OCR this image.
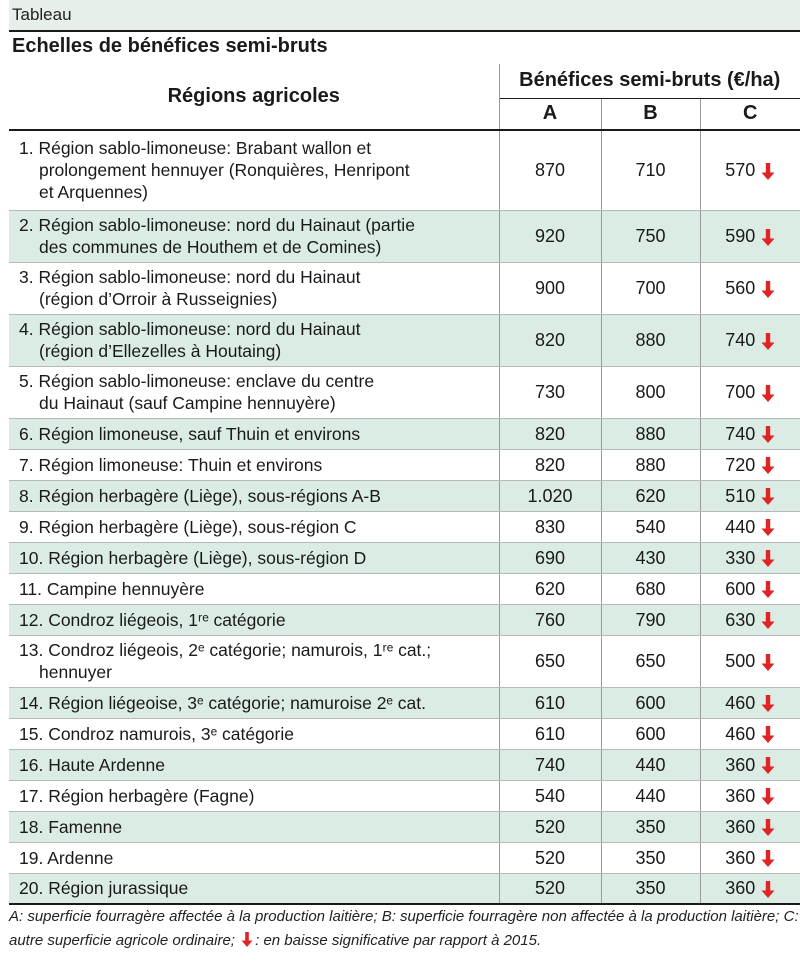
Tableau
Echelles de bénéfices semi-bruts
Régions agricoles	Bénéfices semi-bruts (€/ha)		
	A	B	C

1. Région sablo-limoneuse: Brabant wallon et
prolongement hennuyer (Ronquières, Henripont
et Arquennes)	870	710	570

2. Région sablo-limoneuse: nord du Hainaut (partie
des communes de Houthem et de Comines)	920	750	590

3. Région sablo-limoneuse: nord du Hainaut
(région d’Orroir à Russeignies)	900	700	560

4. Région sablo-limoneuse: nord du Hainaut
(région d’Ellezelles à Houtaing)	820	880	740

5. Région sablo-limoneuse: enclave du centre
du Hainaut (sauf Campine hennuyère)	730	800	700

6. Région limoneuse, sauf Thuin et environs	820	880	740

7. Région limoneuse: Thuin et environs	820	880	720

8. Région herbagère (Liège), sous-régions A-B	1.020	620	510

9. Région herbagère (Liège), sous-région C	830	540	440

10. Région herbagère (Liège), sous-région D	690	430	330

11. Campine hennuyère	620	680	600

12. Condroz liégeois, 1ʳᵉ catégorie	760	790	630

13. Condroz liégeois, 2ᵉ catégorie; namurois, 1ʳᵉ cat.;
hennuyer	650	650	500

14. Région liégeoise, 3ᵉ catégorie; namuroise 2ᵉ cat.	610	600	460

15. Condroz namurois, 3ᵉ catégorie	610	600	460

16. Haute Ardenne	740	440	360

17. Région herbagère (Fagne)	540	440	360

18. Famenne	520	350	360

19. Ardenne	520	350	360

20. Région jurassique	520	350	360
A: superficie fourragère affectée à la production laitière; B: superficie fourragère non affectée à la production laitière; C: autre superficie agricole ordinaire; : en baisse significative par rapport à 2015.
